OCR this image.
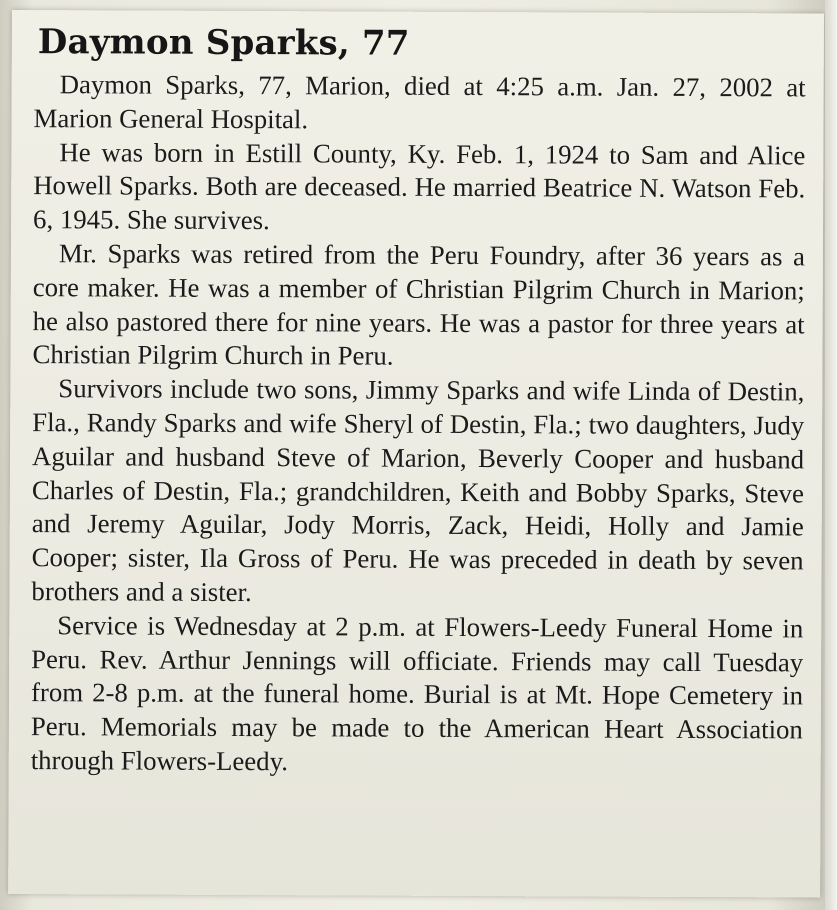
Daymon Sparks, 77

Daymon Sparks, 77, Marion, died at 4:25 a.m. Jan. 27, 2002 at Marion General Hospital.

He was born in Estill County, Ky. Feb. 1, 1924 to Sam and Alice Howell Sparks. Both are deceased. He married Beatrice N. Watson Feb. 6, 1945. She survives.

Mr. Sparks was retired from the Peru Foundry, after 36 years as a core maker. He was a member of Christian Pilgrim Church in Marion; he also pastored there for nine years. He was a pastor for three years at Christian Pilgrim Church in Peru.

Survivors include two sons, Jimmy Sparks and wife Linda of Destin, Fla., Randy Sparks and wife Sheryl of Destin, Fla.; two daughters, Judy Aguilar and husband Steve of Marion, Beverly Cooper and husband Charles of Destin, Fla.; grandchildren, Keith and Bobby Sparks, Steve and Jeremy Aguilar, Jody Morris, Zack, Heidi, Holly and Jamie Cooper; sister, Ila Gross of Peru. He was preceded in death by seven brothers and a sister.

Service is Wednesday at 2 p.m. at Flowers-Leedy Funeral Home in Peru. Rev. Arthur Jennings will officiate. Friends may call Tuesday from 2-8 p.m. at the funeral home. Burial is at Mt. Hope Cemetery in Peru. Memorials may be made to the American Heart Association through Flowers-Leedy.
